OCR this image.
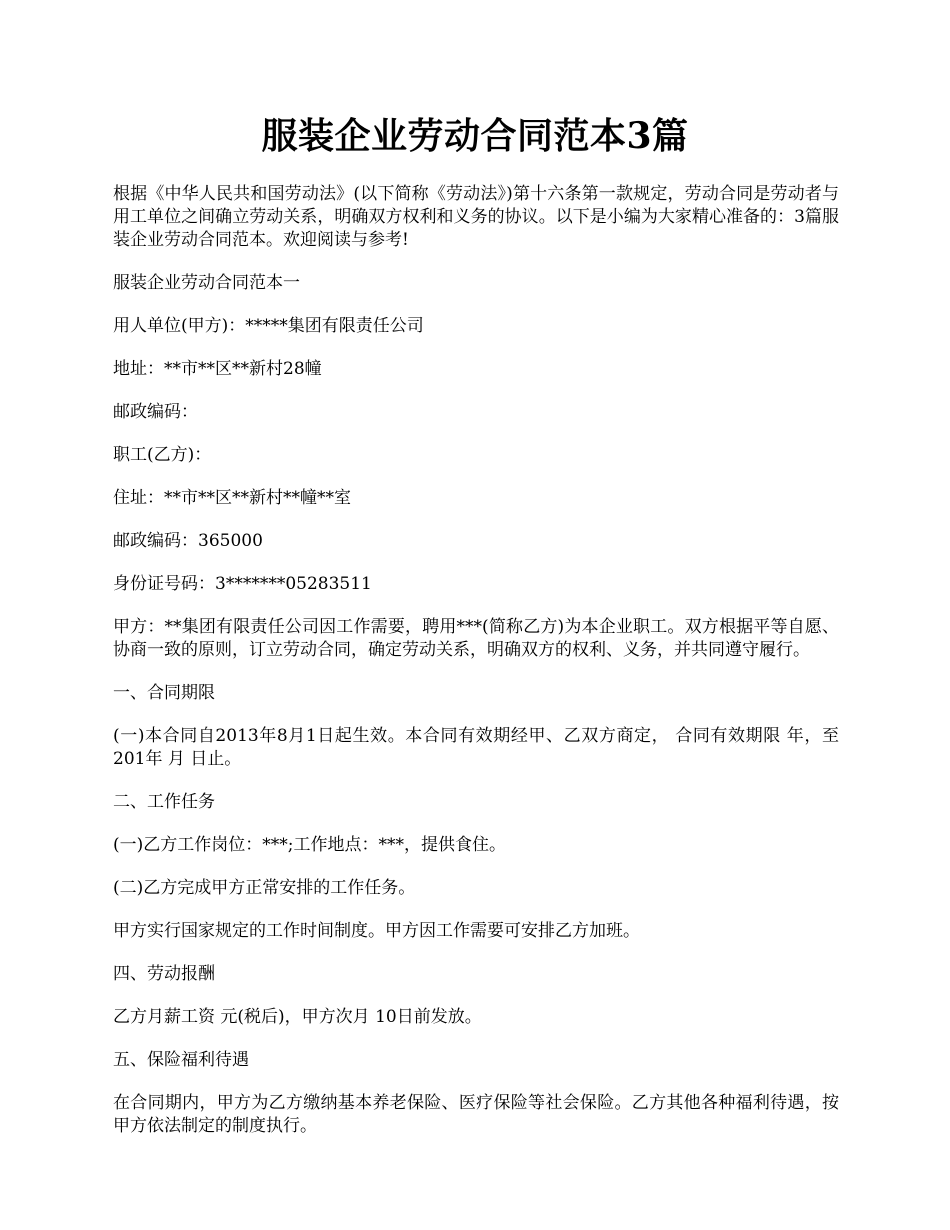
服装企业劳动合同范本3篇

根据《中华人民共和国劳动法》(以下简称《劳动法》)第十六条第一款规定，劳动合同是劳动者与用工单位之间确立劳动关系，明确双方权利和义务的协议。以下是小编为大家精心准备的：3篇服装企业劳动合同范本。欢迎阅读与参考!

服装企业劳动合同范本一

用人单位(甲方)：*****集团有限责任公司

地址：**市**区**新村28幢

邮政编码：

职工(乙方)：

住址：**市**区**新村**幢**室

邮政编码：365000

身份证号码：3*******05283511

甲方：**集团有限责任公司因工作需要，聘用***(简称乙方)为本企业职工。双方根据平等自愿、协商一致的原则，订立劳动合同，确定劳动关系，明确双方的权利、义务，并共同遵守履行。

一、合同期限

(一)本合同自2013年8月1日起生效。本合同有效期经甲、乙双方商定， 合同有效期限 年，至201年 月 日止。

二、工作任务

(一)乙方工作岗位：***;工作地点：***，提供食住。

(二)乙方完成甲方正常安排的工作任务。

甲方实行国家规定的工作时间制度。甲方因工作需要可安排乙方加班。

四、劳动报酬

乙方月薪工资 元(税后)，甲方次月 10日前发放。

五、保险福利待遇

在合同期内，甲方为乙方缴纳基本养老保险、医疗保险等社会保险。乙方其他各种福利待遇，按甲方依法制定的制度执行。
